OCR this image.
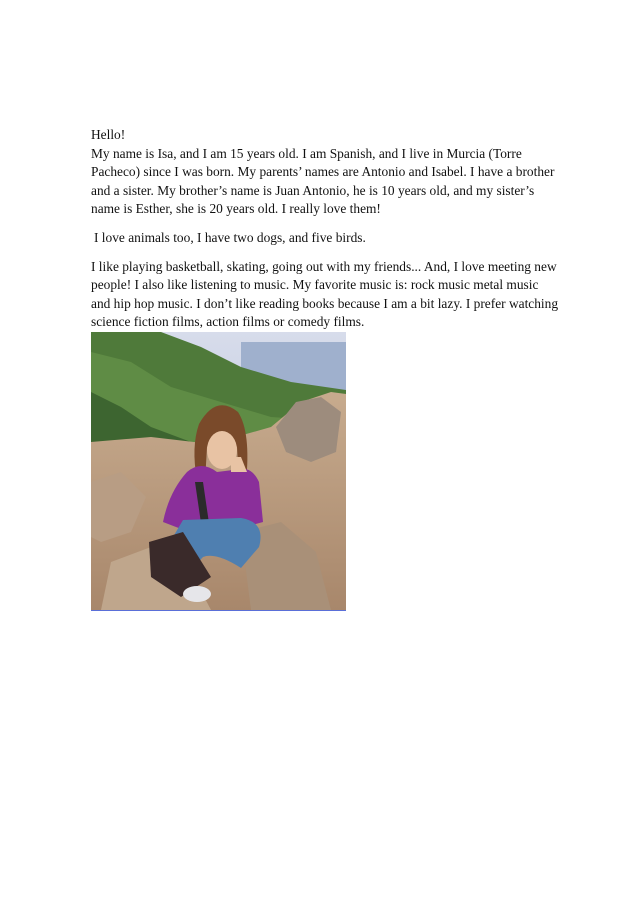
Hello!

My name is Isa, and I am 15 years old. I am Spanish, and I live in Murcia (Torre Pacheco) since I was born. My parents’ names are Antonio and Isabel. I have a brother and a sister. My brother’s name is Juan Antonio, he is 10 years old, and my sister’s name is Esther, she is 20 years old. I really love them!

I love animals too, I have two dogs, and five birds.

I like playing basketball, skating, going out with my friends... And, I love meeting new people! I also like listening to music. My favorite music is: rock music metal music and hip hop music. I don’t like reading books because I am a bit lazy. I prefer watching science fiction films, action films or comedy films.
